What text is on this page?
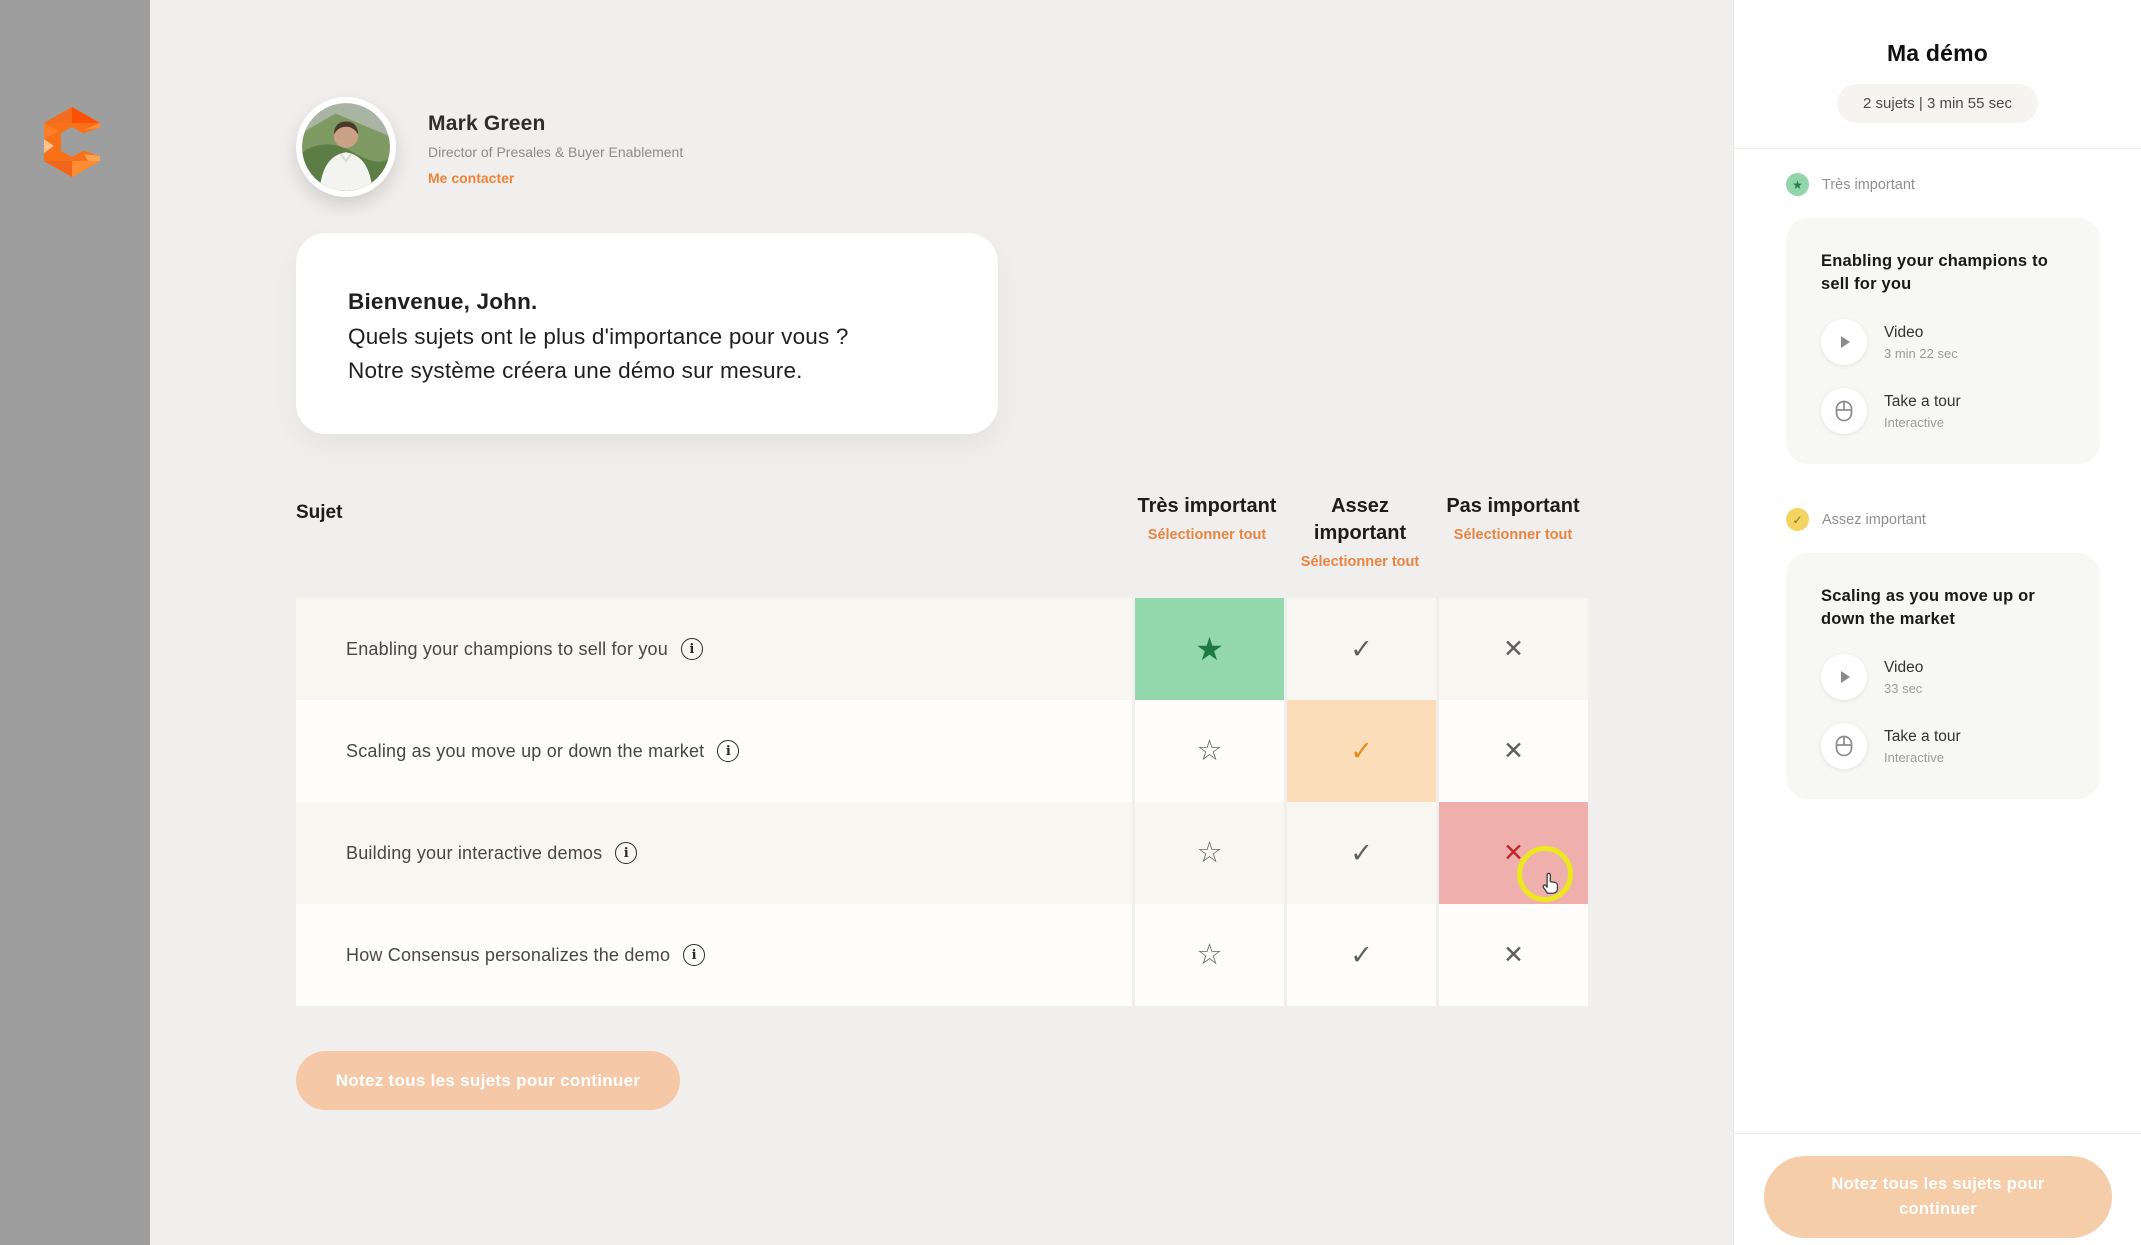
Mark Green
Director of Presales & Buyer Enablement
Me contacter

Bienvenue, John.

Quels sujets ont le plus d'importance pour vous ?

Notre système créera une démo sur mesure.

Sujet	Très important
Sélectionner tout
Assez important
Sélectionner tout
Pas important
Sélectionner tout
Enabling your champions to sell for you	i	★	✓	✕
Scaling as you move up or down the market	i	☆	✓	✕
Building your interactive demos	i	☆	✓	✕
How Consensus personalizes the demo	i	☆	✓	✕
Notez tous les sujets pour continuer
Ma démo
2 sujets | 3 min 55 sec
★	Très important
Enabling your champions to sell for you
Video
3 min 22 sec
Take a tour
Interactive
✓	Assez important
Scaling as you move up or down the market
Video
33 sec
Take a tour
Interactive
Notez tous les sujets pour continuer
